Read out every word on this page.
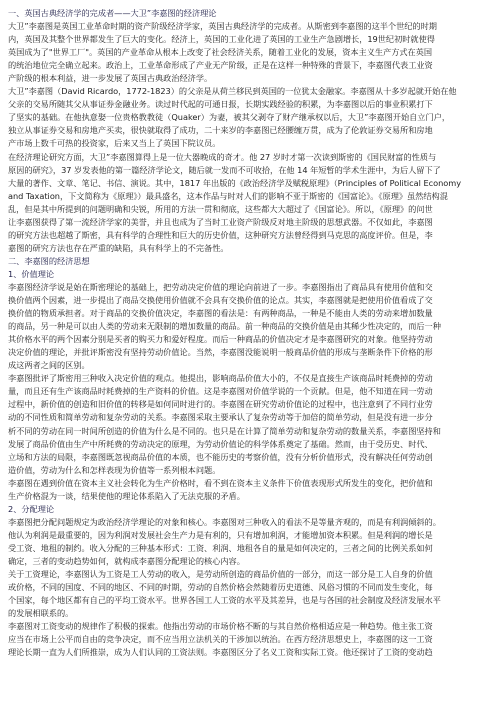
一、英国古典经济学的完成者——大卫”李嘉图的经济理论

大卫”李嘉图是英国工业革命时期的资产阶级经济学家，英国古典经济学的完成者。从斯密到李嘉图的这半个世纪的时期

内，英国及其整个世界都发生了巨大的变化。经济上，英国的工业化进了英国的工业生产急剧增长，19世纪初时就使得

英国成为了"世界工厂"。英国的产业革命从根本上改变了社会经济关系，随着工业化的发展，资本主义生产方式在英国

的统治地位完全确立起来。政治上，工业革命形成了产业无产阶级，正是在这样一种特殊的背景下，李嘉图代表工业资

产阶级的根本利益，进一步发展了英国古典政治经济学。

大卫”李嘉图（David Ricardo，1772-1823）的父亲是从荷兰移民到英国的一位犹太金融家。李嘉图从十多岁起就开始在他

父亲的交易所随其父从事证券金融业务。读过时代起的可通日报，长期实践经验的积累，为李嘉图以后的事业积累打下

了坚实的基础。在他执意娶一位贵格教教徒（Quaker）为妻，被其父剥夺了财产继承权以后，大卫”李嘉图开始自立门户，

独立从事证券交易和房地产买卖，很快就取得了成功，二十来岁的李嘉图已经腰缠万贯，成为了伦敦证券交易所和房地

产市场上数千可热的投资家，后来又当上了英国下院议员。

在经济理论研究方面，大卫”李嘉图算得上是一位大器晚成的奇才。他 27 岁时才第一次读到斯密的《国民财富的性质与

原因的研究》，37 岁发表他的第一篇经济学论文，随后就一发而不可收拾，在他 14 年短暂的学术生涯中，为后人留下了

大量的著作、文章、笔记、书信、演说。其中，1817 年出版的《政治经济学及赋税原理》（Principles of Political Economy

and Taxation，下文简称为《原理》）最具盛名，这本作品与时对人们的影响不亚于斯密的《国富论》。《原理》虽然结构混

乱，但是其中所提到的问题明确和尖锐，所用的方法一贯和彻底，这些都大大超过了《国富论》。所以，《原理》的问世

让李嘉图获得了第一流经济学家的美誉，并且也成为了当时工业资产阶级反对地主阶级的思想武器。不仅如此，李嘉图

的研究方法也超越了斯密，具有科学的合理性和巨大的历史价值，这种研究方法曾经得到马克思的高度评价。但是，李

嘉图的研究方法也存在严重的缺陷，具有科学上的不完备性。

二、李嘉图的经济思想

1、价值理论

李嘉图经济学说是始在斯密理论的基础上，把劳动决定价值的理论向前进了一步。李嘉图指出了商品具有使用价值和交

换价值两个因素，进一步提出了商品交换使用价值就不会具有交换价值的论点。其实，李嘉图就是把使用价值看成了交

换价值的物质承担者。对于商品的交换价值决定，李嘉图的看法是：有两种商品，一种是不能由人类的劳动来增加数量

的商品，另一种是可以由人类的劳动来无限制的增加数量的商品。前一种商品的交换价值是由其稀少性决定的，而后一种

其价格水平的两个因素分别是买者的购买力和爱好程度。而后一种商品的价值决定才是李嘉图研究的对象。他坚持劳动

决定价值的理论，并批评斯密没有坚持劳动价值论。当然，李嘉图没能说明一般商品价值的形成与垄断条件下价格的形

成这两者之间的区别。

李嘉图批评了斯密用三种收入决定价值的观点。他提出，影响商品价值大小的，不仅是直接生产该商品时耗费掉的劳动

量，而且还有生产该商品时耗费掉的生产资料的价值。这是李嘉图对价值学说的一个贡献。但是，他不知道在同一劳动

过程中，新价值的创造和旧价值的转移是如何同时进行的。李嘉图在研究劳动价值论的过程中，也注意到了不同行业劳

动的不同性质和简单劳动和复杂劳动的关系。李嘉图采取主要承认了复杂劳动等于加倍的简单劳动，但是没有进一步分

析不同的劳动在同一时间所创造的价值为什么是不同的。也只是在计算了简单劳动和复杂劳动的数量关系，李嘉图坚持和

发展了商品价值由生产中所耗费的劳动决定的原理，为劳动价值论的科学体系奠定了基础。然而，由于受历史、时代、

立场和方法的局限，李嘉图既忽视商品价值的本质，也不能历史的考察价值，没有分析价值形式，没有解决任何劳动创

造价值，劳动为什么和怎样表现为价值等一系列根本问题。

李嘉图在遇到价值在资本主义社会转化为生产价格时，看不到在资本主义条件下价值表现形式所发生的变化，把价值和

生产价格混为一谈，结果使他的理论体系陷入了无法克服的矛盾。

2、分配理论

李嘉图把分配问题规定为政治经济学理论的对象和核心。李嘉图对三种收入的看法不是等量齐观的，而是有利润倾斜的。

他认为利润是最重要的，因为利润对发展社会生产力是有利的，只有增加利润，才能增加资本积累。但是利润的增长是

受工资、地租的制约。收入分配的三种基本形式：工资、利润、地租各自的量是如何决定的，三者之间的比例关系如何

确定，三者的变动趋势如何，就构成李嘉图分配理论的核心内容。

关于工资理论，李嘉图认为工资是工人劳动的收入，是劳动所创造的商品价值的一部分，而这一部分是工人自身的价值

或价格，不同的国度、不同的地区、不同的时期，劳动的自然价格会然随着历史道德、风俗习惯的不同而发生变化，每

个国家，每个地区都有自己的平均工资水平。世界各国工人工资的水平及其差异，也是与各国的社会制度及经济发展水平

的发展相联系的。

李嘉图对工资变动的规律作了积极的探索。他指出劳动的市场价格不断的与其自然价格相适应是一种趋势。他主张工资

应当在市场上公平而自由的竞争决定，而不应当用立法机关的干涉加以统治。在西方经济思想史上，李嘉图的这一工资

理论长期一直为人们所推崇，成为人们认同的工资法则。李嘉图区分了名义工资和实际工资。他还探讨了工资的变动趋
